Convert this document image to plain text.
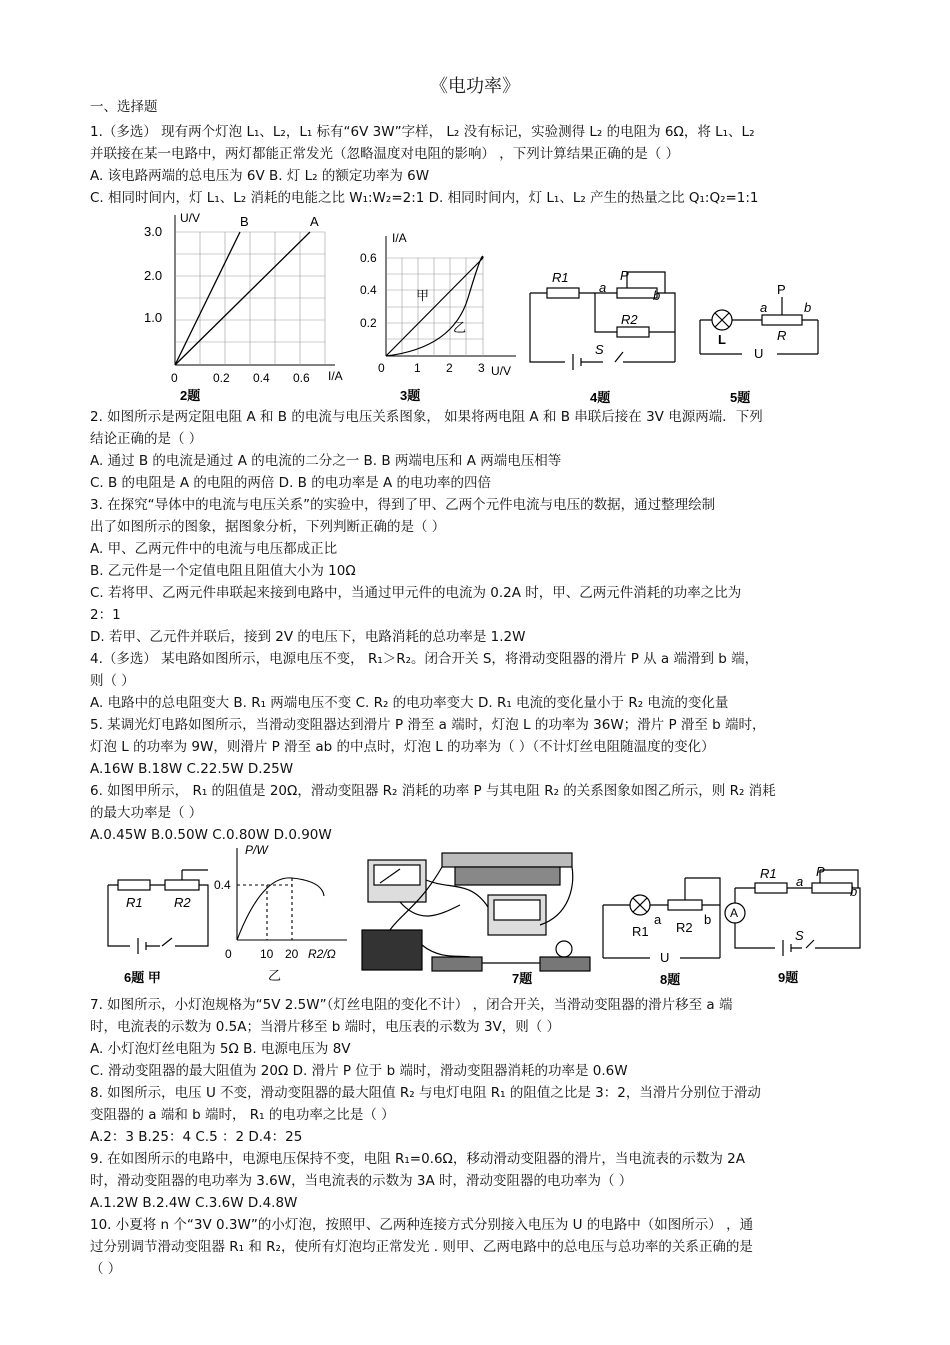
《电功率》
一、选择题
1.（多选） 现有两个灯泡 L₁、L₂，L₁ 标有“6V 3W”字样， L₂ 没有标记，实验测得 L₂ 的电阻为 6Ω，将 L₁、L₂
并联接在某一电路中，两灯都能正常发光（忽略温度对电阻的影响） ，下列计算结果正确的是（ ）
A. 该电路两端的总电压为 6V B. 灯 L₂ 的额定功率为 6W
C. 相同时间内，灯 L₁、L₂ 消耗的电能之比 W₁:W₂=2:1 D. 相同时间内，灯 L₁、L₂ 产生的热量之比 Q₁:Q₂=1:1
U/V	B	A
3.0
2.0
1.0
0	0.2 0.4 0.6 I/A
2题
I/A
0.6
0.4
0.2
甲
乙
0 1 2 3 U/V
3题
R1
R2
a
b
P
S
4题
P
a	b
L	R
U
5题
2. 如图所示是两定阻电阻 A 和 B 的电流与电压关系图象， 如果将两电阻 A 和 B 串联后接在 3V 电源两端．下列
结论正确的是（ ）
A. 通过 B 的电流是通过 A 的电流的二分之一 B. B 两端电压和 A 两端电压相等
C. B 的电阻是 A 的电阻的两倍 D. B 的电功率是 A 的电功率的四倍
3. 在探究“导体中的电流与电压关系”的实验中，得到了甲、乙两个元件电流与电压的数据，通过整理绘制
出了如图所示的图象，据图象分析，下列判断正确的是（ ）
A. 甲、乙两元件中的电流与电压都成正比
B. 乙元件是一个定值电阻且阻值大小为 10Ω
C. 若将甲、乙两元件串联起来接到电路中，当通过甲元件的电流为 0.2A 时，甲、乙两元件消耗的功率之比为
2：1
D. 若甲、乙元件并联后，接到 2V 的电压下，电路消耗的总功率是 1.2W
4.（多选） 某电路如图所示，电源电压不变， R₁＞R₂。闭合开关 S，将滑动变阻器的滑片 P 从 a 端滑到 b 端，
则（ ）
A. 电路中的总电阻变大 B. R₁ 两端电压不变 C. R₂ 的电功率变大 D. R₁ 电流的变化量小于 R₂ 电流的变化量
5. 某调光灯电路如图所示，当滑动变阻器达到滑片 P 滑至 a 端时，灯泡 L 的功率为 36W；滑片 P 滑至 b 端时，
灯泡 L 的功率为 9W，则滑片 P 滑至 ab 的中点时，灯泡 L 的功率为（ ）（不计灯丝电阻随温度的变化）
A.16W B.18W C.22.5W D.25W
6. 如图甲所示， R₁ 的阻值是 20Ω，滑动变阻器 R₂ 消耗的功率 P 与其电阻 R₂ 的关系图象如图乙所示，则 R₂ 消耗
的最大功率是（ ）
A.0.45W B.0.50W C.0.80W D.0.90W
R1 R2
6题 甲
P/W
0.4
0 10 20 R2/Ω
乙	7题
a	b
R1 R2
U
8题
A
R1
a
b
P
S
9题
7. 如图所示，小灯泡规格为“5V 2.5W”（灯丝电阻的变化不计） ，闭合开关，当滑动变阻器的滑片移至 a 端
时，电流表的示数为 0.5A；当滑片移至 b 端时，电压表的示数为 3V，则（ ）
A. 小灯泡灯丝电阻为 5Ω B. 电源电压为 8V
C. 滑动变阻器的最大阻值为 20Ω D. 滑片 P 位于 b 端时，滑动变阻器消耗的功率是 0.6W
8. 如图所示，电压 U 不变，滑动变阻器的最大阻值 R₂ 与电灯电阻 R₁ 的阻值之比是 3：2，当滑片分别位于滑动
变阻器的 a 端和 b 端时， R₁ 的电功率之比是（ ）
A.2：3 B.25：4 C.5 ：2 D.4：25
9. 在如图所示的电路中，电源电压保持不变，电阻 R₁=0.6Ω，移动滑动变阻器的滑片，当电流表的示数为 2A
时，滑动变阻器的电功率为 3.6W，当电流表的示数为 3A 时，滑动变阻器的电功率为（ ）
A.1.2W B.2.4W C.3.6W D.4.8W
10. 小夏将 n 个“3V 0.3W”的小灯泡，按照甲、乙两种连接方式分别接入电压为 U 的电路中（如图所示） ，通
过分别调节滑动变阻器 R₁ 和 R₂，使所有灯泡均正常发光 . 则甲、乙两电路中的总电压与总功率的关系正确的是
（ ）
